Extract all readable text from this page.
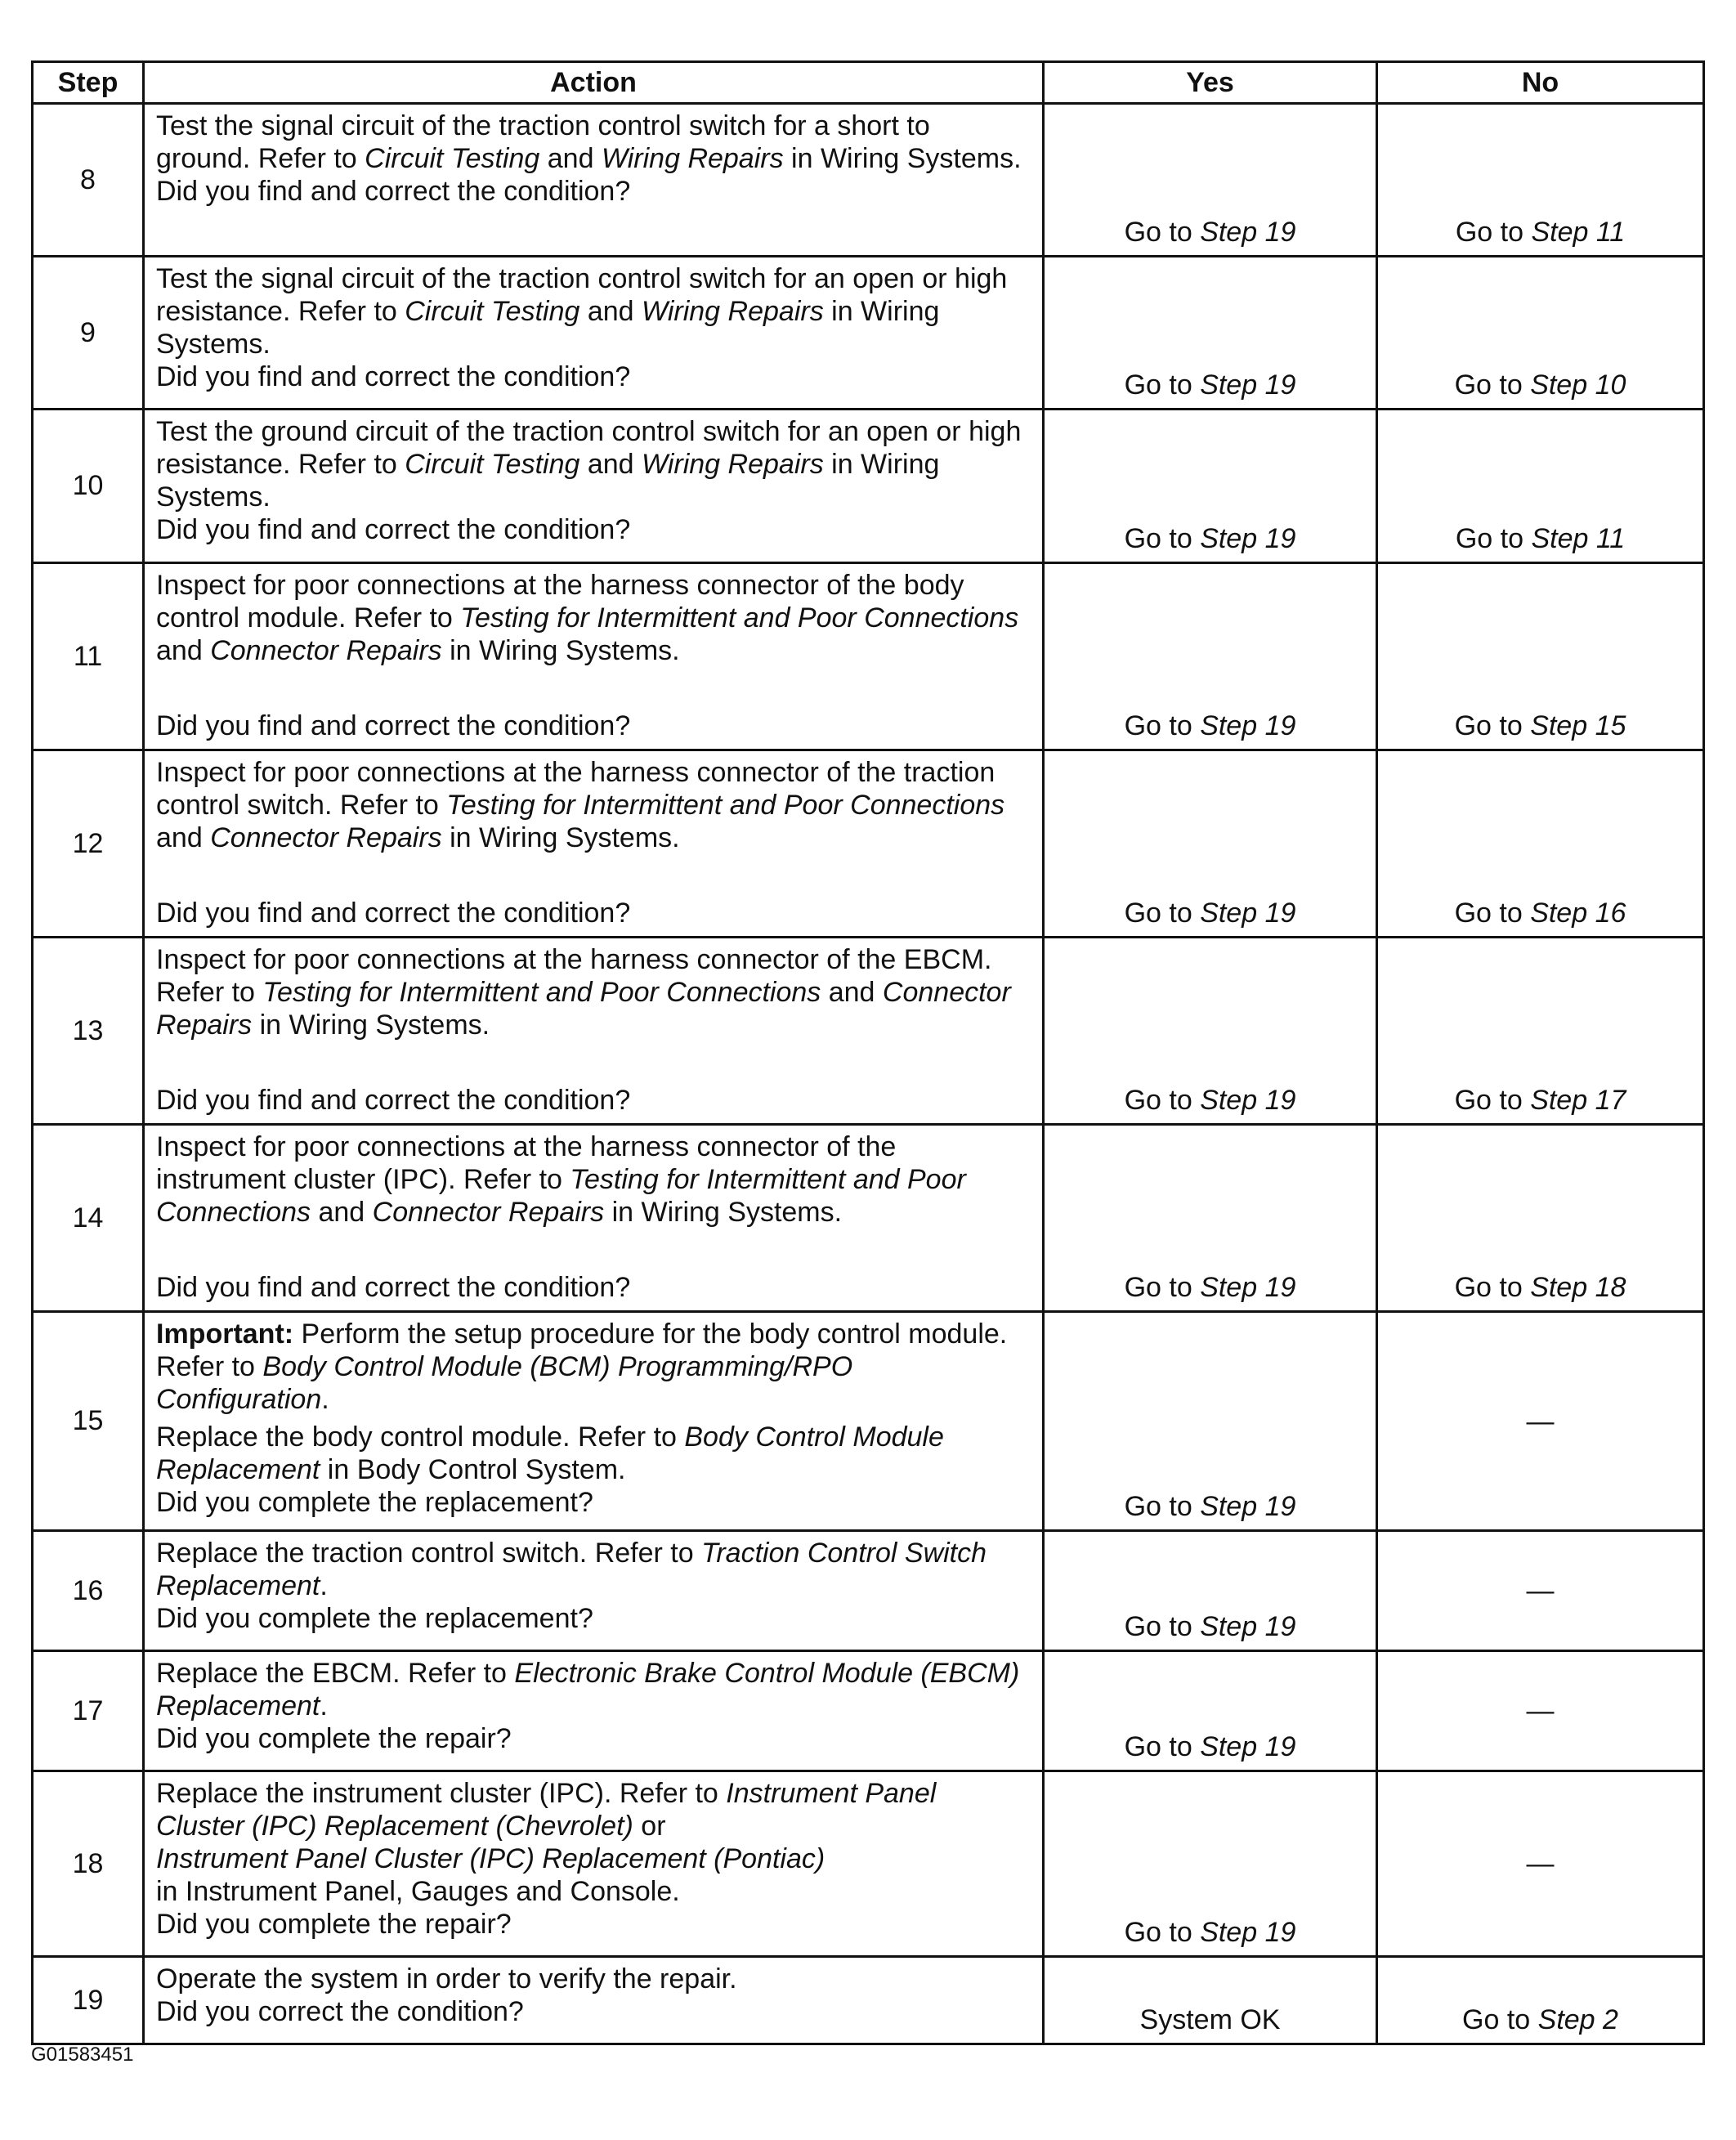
Step	Action	Yes	No
8	Test the signal circuit of the traction control switch for a short to ground. Refer to Circuit Testing and Wiring Repairs in Wiring Systems.

Did you find and correct the condition?	Go to Step 19	Go to Step 11
9	Test the signal circuit of the traction control switch for an open or high resistance. Refer to Circuit Testing and Wiring Repairs in Wiring Systems.

Did you find and correct the condition?	Go to Step 19	Go to Step 10
10	Test the ground circuit of the traction control switch for an open or high resistance. Refer to Circuit Testing and Wiring Repairs in Wiring Systems.

Did you find and correct the condition?	Go to Step 19	Go to Step 11
11	Inspect for poor connections at the harness connector of the body control module. Refer to Testing for Intermittent and Poor Connections and Connector Repairs in Wiring Systems.

Did you find and correct the condition?	Go to Step 19	Go to Step 15
12	Inspect for poor connections at the harness connector of the traction control switch. Refer to Testing for Intermittent and Poor Connections and Connector Repairs in Wiring Systems.

Did you find and correct the condition?	Go to Step 19	Go to Step 16
13	Inspect for poor connections at the harness connector of the EBCM. Refer to Testing for Intermittent and Poor Connections and Connector Repairs in Wiring Systems.

Did you find and correct the condition?	Go to Step 19	Go to Step 17
14	Inspect for poor connections at the harness connector of the instrument cluster (IPC). Refer to Testing for Intermittent and Poor Connections and Connector Repairs in Wiring Systems.

Did you find and correct the condition?	Go to Step 19	Go to Step 18
15	Important: Perform the setup procedure for the body control module. Refer to Body Control Module (BCM) Programming/RPO Configuration.

Replace the body control module. Refer to Body Control Module Replacement in Body Control System.

Did you complete the replacement?	Go to Step 19	—
16	Replace the traction control switch. Refer to Traction Control Switch Replacement.

Did you complete the replacement?	Go to Step 19	—
17	Replace the EBCM. Refer to Electronic Brake Control Module (EBCM) Replacement.

Did you complete the repair?	Go to Step 19	—
18	Replace the instrument cluster (IPC). Refer to Instrument Panel Cluster (IPC) Replacement (Chevrolet) or
Instrument Panel Cluster (IPC) Replacement (Pontiac)
in Instrument Panel, Gauges and Console.

Did you complete the repair?	Go to Step 19	—
19	Operate the system in order to verify the repair.

Did you correct the condition?	System OK	Go to Step 2
G01583451
